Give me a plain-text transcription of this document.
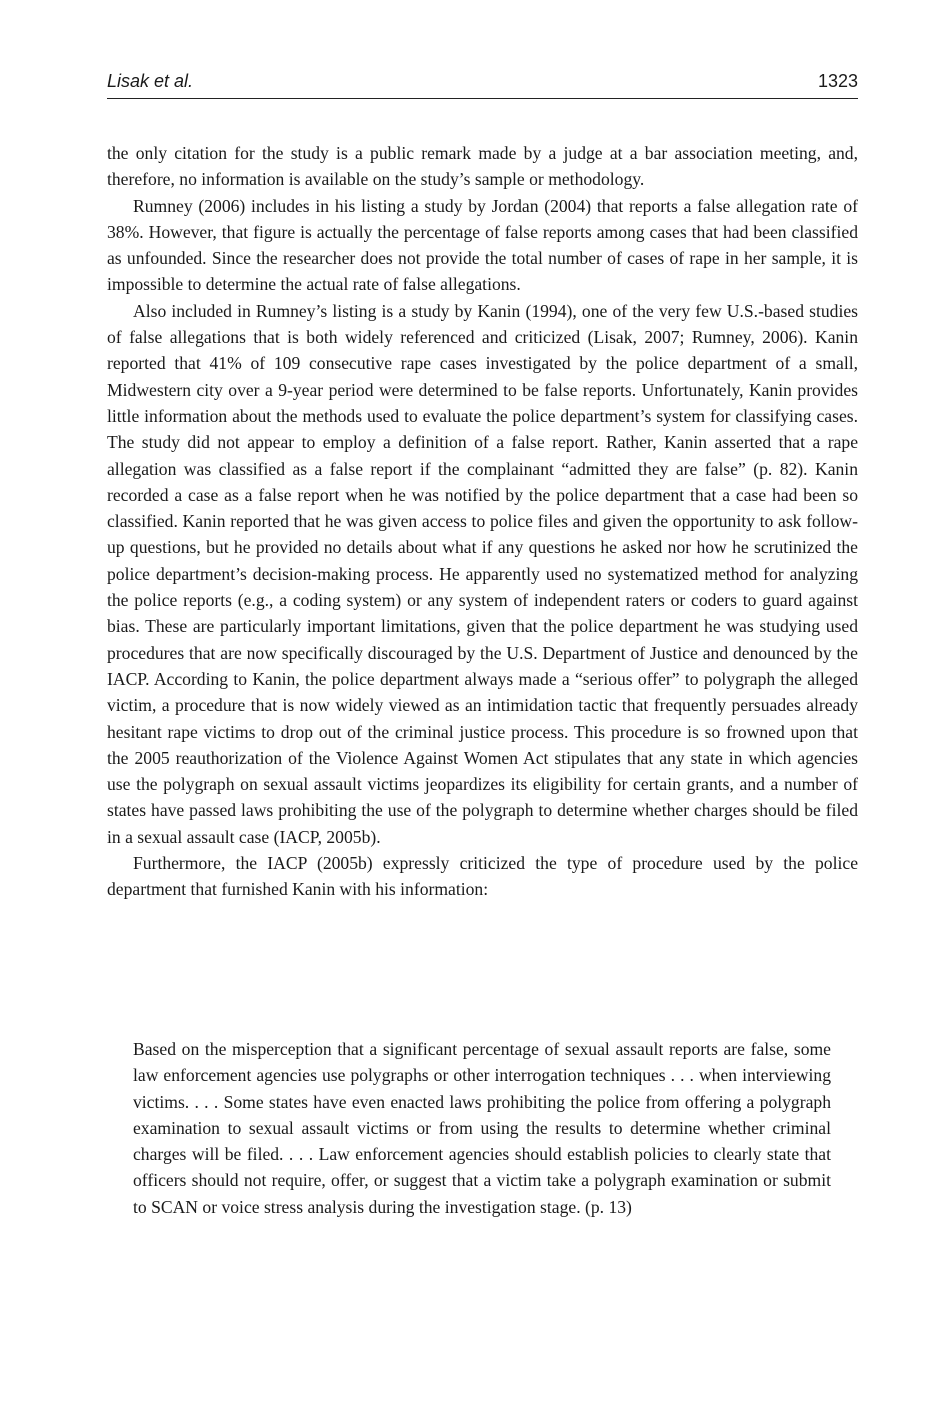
Lisak et al.	1323

the only citation for the study is a public remark made by a judge at a bar association meeting, and, therefore, no information is available on the study’s sample or methodology.

Rumney (2006) includes in his listing a study by Jordan (2004) that reports a false allegation rate of 38%. However, that figure is actually the percentage of false reports among cases that had been classified as unfounded. Since the researcher does not provide the total number of cases of rape in her sample, it is impossible to determine the actual rate of false allegations.

Also included in Rumney’s listing is a study by Kanin (1994), one of the very few U.S.-based studies of false allegations that is both widely referenced and criticized (Lisak, 2007; Rumney, 2006). Kanin reported that 41% of 109 consecutive rape cases investigated by the police department of a small, Midwestern city over a 9-year period were determined to be false reports. Unfortunately, Kanin provides little information about the methods used to evaluate the police department’s system for classifying cases. The study did not appear to employ a definition of a false report. Rather, Kanin asserted that a rape allegation was classified as a false report if the complainant “admitted they are false” (p. 82). Kanin recorded a case as a false report when he was notified by the police department that a case had been so classified. Kanin reported that he was given access to police files and given the opportunity to ask follow-up questions, but he provided no details about what if any questions he asked nor how he scrutinized the police department’s decision-making process. He apparently used no systematized method for analyzing the police reports (e.g., a coding system) or any system of independent raters or coders to guard against bias. These are particularly important limitations, given that the police department he was studying used procedures that are now specifically discouraged by the U.S. Department of Justice and denounced by the IACP. According to Kanin, the police department always made a “serious offer” to polygraph the alleged victim, a procedure that is now widely viewed as an intimidation tactic that frequently persuades already hesitant rape victims to drop out of the criminal justice process. This procedure is so frowned upon that the 2005 reauthorization of the Violence Against Women Act stipulates that any state in which agencies use the polygraph on sexual assault victims jeopardizes its eligibility for certain grants, and a number of states have passed laws prohibiting the use of the polygraph to determine whether charges should be filed in a sexual assault case (IACP, 2005b).

Furthermore, the IACP (2005b) expressly criticized the type of procedure used by the police department that furnished Kanin with his information:

Based on the misperception that a significant percentage of sexual assault reports are false, some law enforcement agencies use polygraphs or other interrogation techniques . . . when interviewing victims. . . . Some states have even enacted laws prohibiting the police from offering a polygraph examination to sexual assault victims or from using the results to determine whether criminal charges will be filed. . . . Law enforcement agencies should establish policies to clearly state that officers should not require, offer, or suggest that a victim take a polygraph examination or submit to SCAN or voice stress analysis during the investigation stage. (p. 13)
